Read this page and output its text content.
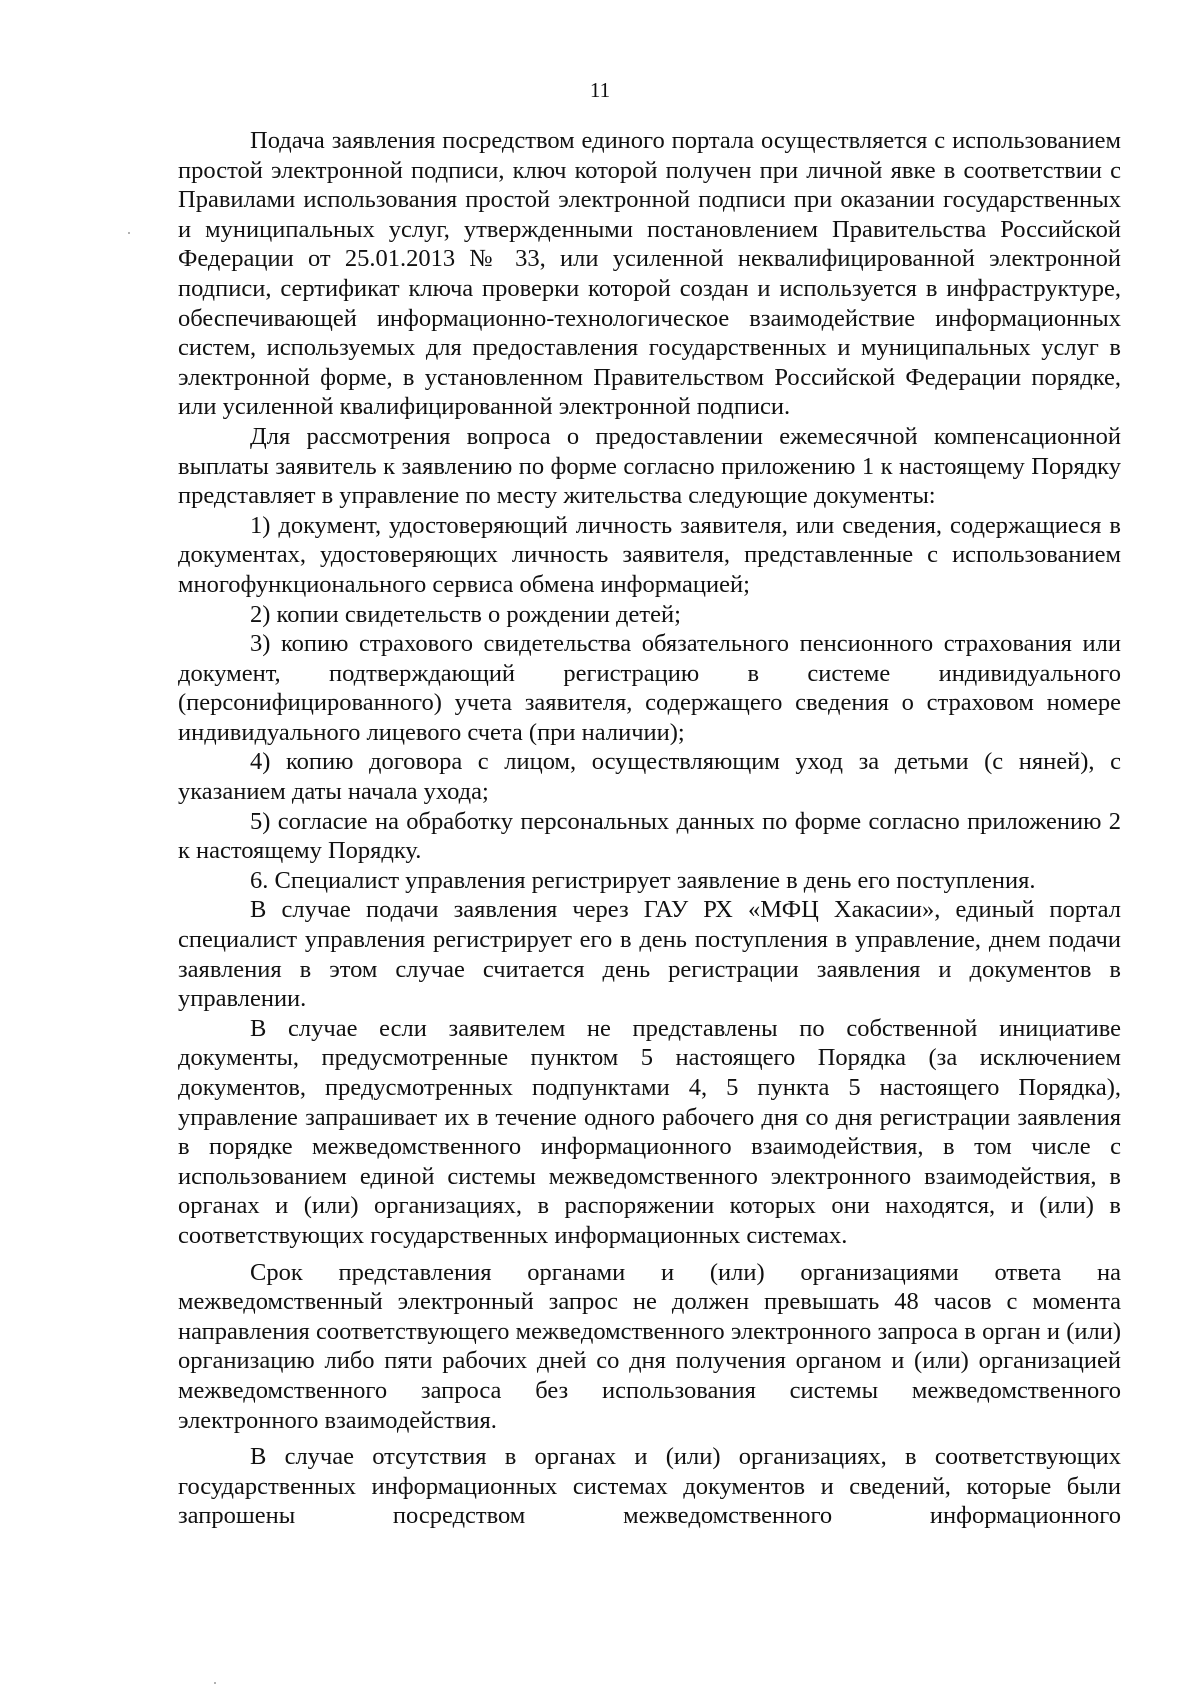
11

Подача заявления посредством единого портала осуществляется с использованием простой электронной подписи, ключ которой получен при личной явке в соответствии с Правилами использования простой электронной подписи при оказании государственных и муниципальных услуг, утвержденными постановлением Правительства Российской Федерации от 25.01.2013 № 33, или усиленной неквалифицированной электронной подписи, сертификат ключа проверки которой создан и используется в инфраструктуре, обеспечивающей информационно-технологическое взаимодействие информационных систем, используемых для предоставления государственных и муниципальных услуг в электронной форме, в установленном Правительством Российской Федерации порядке, или усиленной квалифицированной электронной подписи.

Для рассмотрения вопроса о предоставлении ежемесячной компенсационной выплаты заявитель к заявлению по форме согласно приложению 1 к настоящему Порядку представляет в управление по месту жительства следующие документы:

1) документ, удостоверяющий личность заявителя, или сведения, содержащиеся в документах, удостоверяющих личность заявителя, представленные с использованием многофункционального сервиса обмена информацией;

2) копии свидетельств о рождении детей;

3) копию страхового свидетельства обязательного пенсионного страхования или документ, подтверждающий регистрацию в системе индивидуального (персонифицированного) учета заявителя, содержащего сведения о страховом номере индивидуального лицевого счета (при наличии);

4) копию договора с лицом, осуществляющим уход за детьми (с няней), с указанием даты начала ухода;

5) согласие на обработку персональных данных по форме согласно приложению 2 к настоящему Порядку.

6. Специалист управления регистрирует заявление в день его поступления.

В случае подачи заявления через ГАУ РХ «МФЦ Хакасии», единый портал специалист управления регистрирует его в день поступления в управление, днем подачи заявления в этом случае считается день регистрации заявления и документов в управлении.

В случае если заявителем не представлены по собственной инициативе документы, предусмотренные пунктом 5 настоящего Порядка (за исключением документов, предусмотренных подпунктами 4, 5 пункта 5 настоящего Порядка), управление запрашивает их в течение одного рабочего дня со дня регистрации заявления в порядке межведомственного информационного взаимодействия, в том числе с использованием единой системы межведомственного электронного взаимодействия, в органах и (или) организациях, в распоряжении которых они находятся, и (или) в соответствующих государственных информационных системах.

Срок представления органами и (или) организациями ответа на межведомственный электронный запрос не должен превышать 48 часов с момента направления соответствующего межведомственного электронного запроса в орган и (или) организацию либо пяти рабочих дней со дня получения органом и (или) организацией межведомственного запроса без использования системы межведомственного электронного взаимодействия.

В случае отсутствия в органах и (или) организациях, в соответствующих государственных информационных системах документов и сведений, которые были запрошены посредством межведомственного информационного
